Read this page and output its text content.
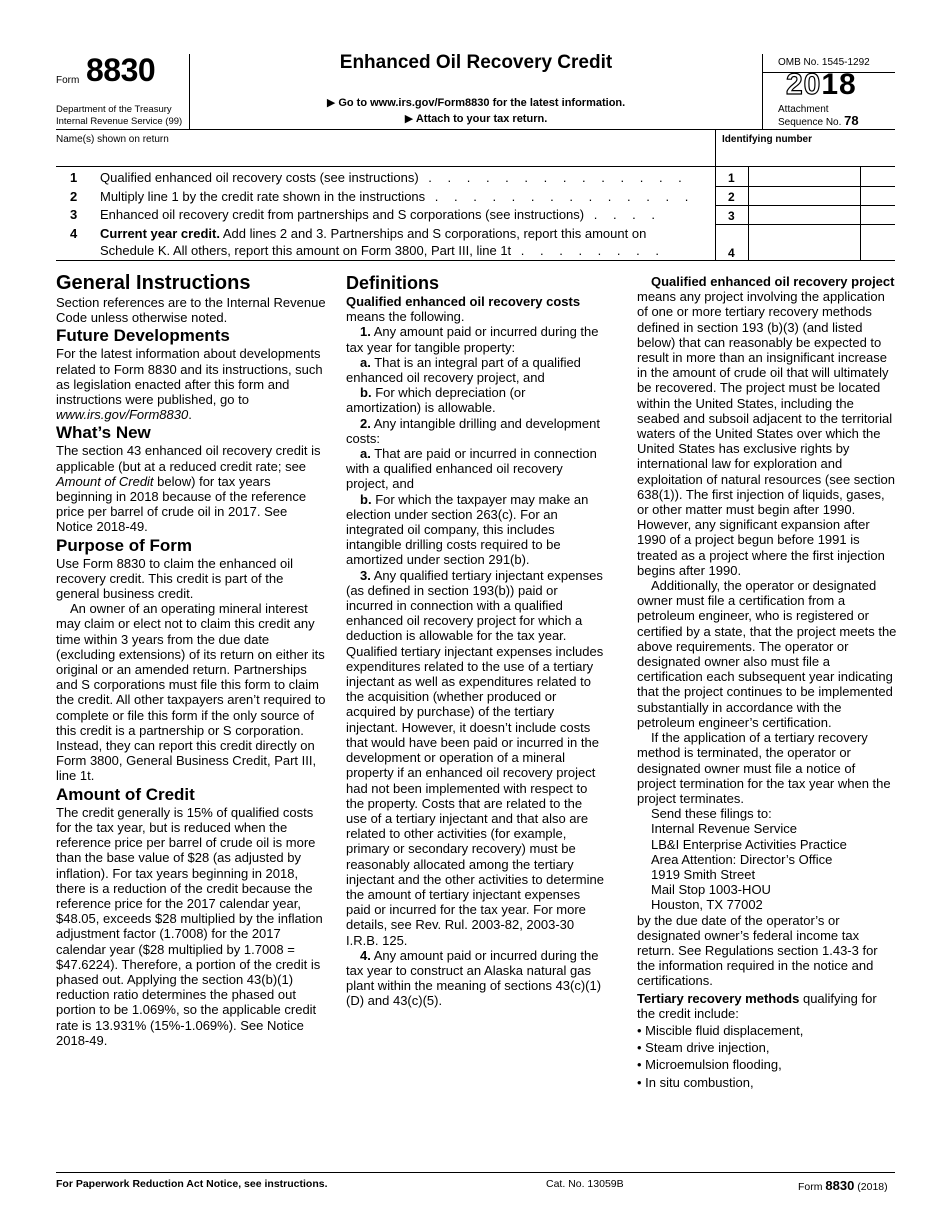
Form 8830
Department of the Treasury
Internal Revenue Service (99)
Enhanced Oil Recovery Credit
▶ Go to www.irs.gov/Form8830 for the latest information.
▶ Attach to your tax return.
OMB No. 1545-1292
2018
Attachment
Sequence No. 78
Name(s) shown on return	Identifying number
1 Qualified enhanced oil recovery costs (see instructions) . . . . . . . . . . . . . .
2 Multiply line 1 by the credit rate shown in the instructions . . . . . . . . . . . . . .
3 Enhanced oil recovery credit from partnerships and S corporations (see instructions) . . . .
4 Current year credit. Add lines 2 and 3. Partnerships and S corporations, report this amount on
Schedule K. All others, report this amount on Form 3800, Part III, line 1t . . . . . . . .
1
2
3
4

General Instructions

Section references are to the Internal Revenue Code unless otherwise noted.

Future Developments

For the latest information about developments related to Form 8830 and its instructions, such as legislation enacted after this form and instructions were published, go to www.irs.gov/Form8830.

What’s New

The section 43 enhanced oil recovery credit is applicable (but at a reduced credit rate; see Amount of Credit below) for tax years beginning in 2018 because of the reference price per barrel of crude oil in 2017. See Notice 2018-49.

Purpose of Form

Use Form 8830 to claim the enhanced oil recovery credit. This credit is part of the general business credit.

An owner of an operating mineral interest may claim or elect not to claim this credit any time within 3 years from the due date (excluding extensions) of its return on either its original or an amended return. Partnerships and S corporations must file this form to claim the credit. All other taxpayers aren’t required to complete or file this form if the only source of this credit is a partnership or S corporation. Instead, they can report this credit directly on Form 3800, General Business Credit, Part III, line 1t.

Amount of Credit

The credit generally is 15% of qualified costs for the tax year, but is reduced when the reference price per barrel of crude oil is more than the base value of $28 (as adjusted by inflation). For tax years beginning in 2018, there is a reduction of the credit because the reference price for the 2017 calendar year, $48.05, exceeds $28 multiplied by the inflation adjustment factor (1.7008) for the 2017 calendar year ($28 multiplied by 1.7008 = $47.6224). Therefore, a portion of the credit is phased out. Applying the section 43(b)(1) reduction ratio determines the phased out portion to be 1.069%, so the applicable credit rate is 13.931% (15%-1.069%). See Notice 2018-49.

Definitions

Qualified enhanced oil recovery costs means the following.

1. Any amount paid or incurred during the tax year for tangible property:

a. That is an integral part of a qualified enhanced oil recovery project, and

b. For which depreciation (or amortization) is allowable.

2. Any intangible drilling and development costs:

a. That are paid or incurred in connection with a qualified enhanced oil recovery project, and

b. For which the taxpayer may make an election under section 263(c). For an integrated oil company, this includes intangible drilling costs required to be amortized under section 291(b).

3. Any qualified tertiary injectant expenses (as defined in section 193(b)) paid or incurred in connection with a qualified enhanced oil recovery project for which a deduction is allowable for the tax year. Qualified tertiary injectant expenses includes expenditures related to the use of a tertiary injectant as well as expenditures related to the acquisition (whether produced or acquired by purchase) of the tertiary injectant. However, it doesn’t include costs that would have been paid or incurred in the development or operation of a mineral property if an enhanced oil recovery project had not been implemented with respect to the property. Costs that are related to the use of a tertiary injectant and that also are related to other activities (for example, primary or secondary recovery) must be reasonably allocated among the tertiary injectant and the other activities to determine the amount of tertiary injectant expenses paid or incurred for the tax year. For more details, see Rev. Rul. 2003-82, 2003-30 I.R.B. 125.

4. Any amount paid or incurred during the tax year to construct an Alaska natural gas plant within the meaning of sections 43(c)(1)(D) and 43(c)(5).

Qualified enhanced oil recovery project means any project involving the application of one or more tertiary recovery methods defined in section 193 (b)(3) (and listed below) that can reasonably be expected to result in more than an insignificant increase in the amount of crude oil that will ultimately be recovered. The project must be located within the United States, including the seabed and subsoil adjacent to the territorial waters of the United States over which the United States has exclusive rights by international law for exploration and exploitation of natural resources (see section 638(1)). The first injection of liquids, gases, or other matter must begin after 1990. However, any significant expansion after 1990 of a project begun before 1991 is treated as a project where the first injection begins after 1990.

Additionally, the operator or designated owner must file a certification from a petroleum engineer, who is registered or certified by a state, that the project meets the above requirements. The operator or designated owner also must file a certification each subsequent year indicating that the project continues to be implemented substantially in accordance with the petroleum engineer’s certification.

If the application of a tertiary recovery method is terminated, the operator or designated owner must file a notice of project termination for the tax year when the project terminates.

Send these filings to:

Internal Revenue Service

LB&I Enterprise Activities Practice

Area Attention: Director’s Office

1919 Smith Street

Mail Stop 1003-HOU

Houston, TX 77002

by the due date of the operator’s or designated owner’s federal income tax return. See Regulations section 1.43-3 for the information required in the notice and certifications.

Tertiary recovery methods qualifying for the credit include:

• Miscible fluid displacement,

• Steam drive injection,

• Microemulsion flooding,

• In situ combustion,

For Paperwork Reduction Act Notice, see instructions.	Cat. No. 13059B	Form 8830 (2018)
